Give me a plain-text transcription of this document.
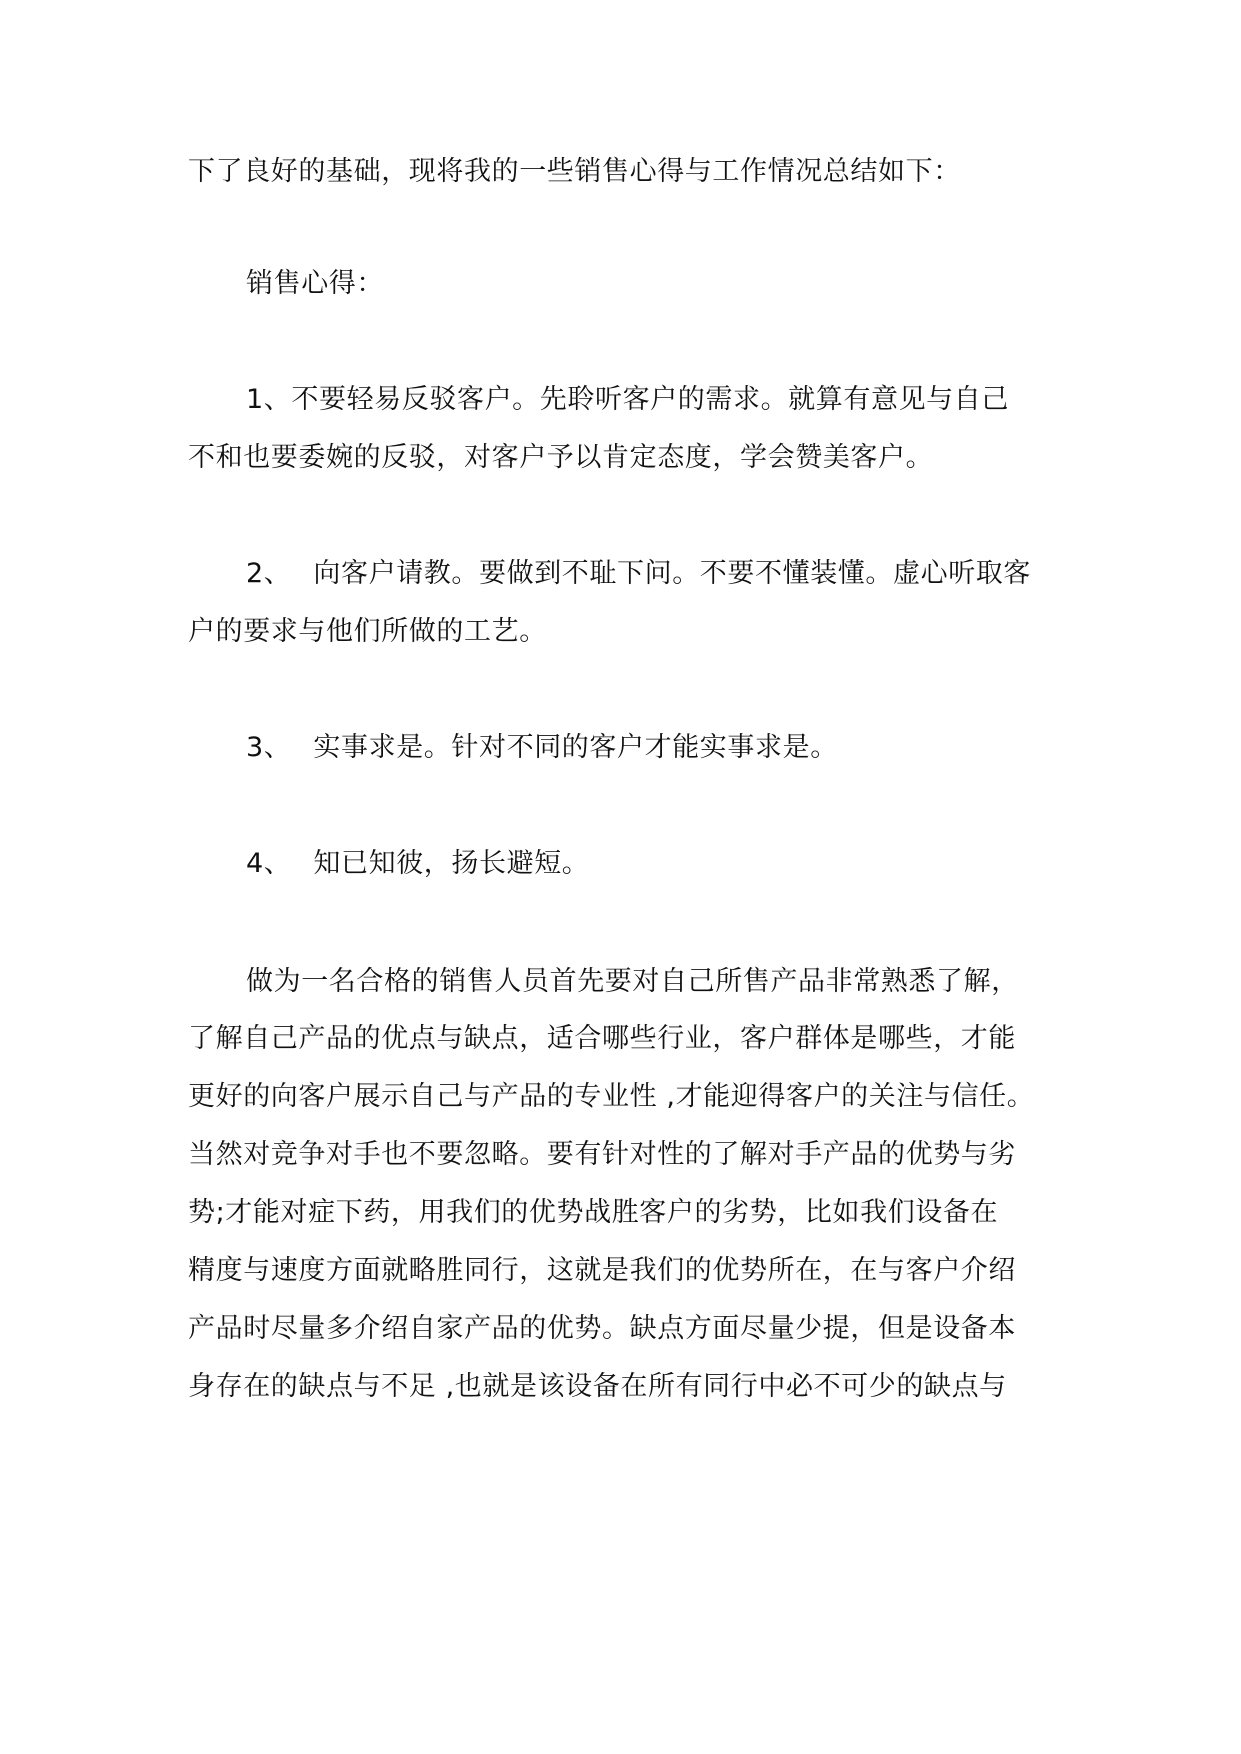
下了良好的基础，现将我的一些销售心得与工作情况总结如下：
销售心得：
1、不要轻易反驳客户。先聆听客户的需求。就算有意见与自己
不和也要委婉的反驳，对客户予以肯定态度，学会赞美客户。
2、 向客户请教。要做到不耻下问。不要不懂装懂。虚心听取客
户的要求与他们所做的工艺。
3、 实事求是。针对不同的客户才能实事求是。
4、 知已知彼，扬长避短。
做为一名合格的销售人员首先要对自己所售产品非常熟悉了解，
了解自己产品的优点与缺点，适合哪些行业，客户群体是哪些，才能
更好的向客户展示自己与产品的专业性 ,才能迎得客户的关注与信任。
当然对竞争对手也不要忽略。要有针对性的了解对手产品的优势与劣
势;才能对症下药，用我们的优势战胜客户的劣势，比如我们设备在
精度与速度方面就略胜同行，这就是我们的优势所在，在与客户介绍
产品时尽量多介绍自家产品的优势。缺点方面尽量少提，但是设备本
身存在的缺点与不足 ,也就是该设备在所有同行中必不可少的缺点与
